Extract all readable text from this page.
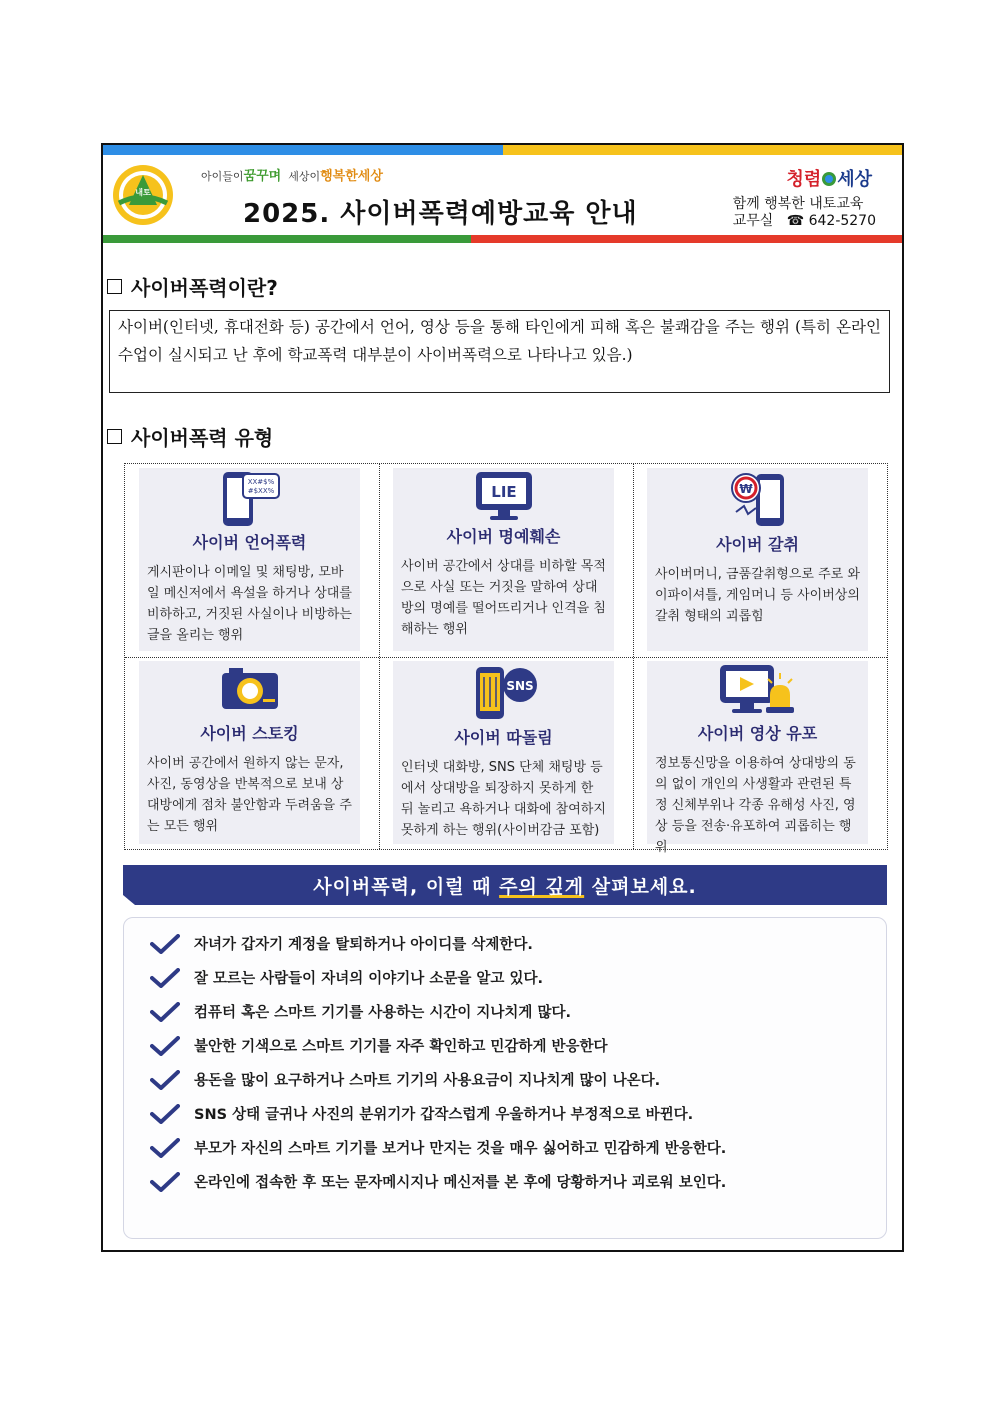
내토
아이들이꿈꾸며 세상이행복한세상
2025. 사이버폭력예방교육 안내
청렴 세상
함께 행복한 내토교육
교무실 ☎ 642-5270
사이버폭력이란?
사이버(인터넷, 휴대전화 등) 공간에서 언어, 영상 등을 통해 타인에게 피해 혹은 불쾌감을 주는 행위 (특히 온라인 수업이 실시되고 난 후에 학교폭력 대부분이 사이버폭력으로 나타나고 있음.)
사이버폭력 유형
XX#$%
#$XX%
사이버 언어폭력
게시판이나 이메일 및 채팅방, 모바일 메신저에서 욕설을 하거나 상대를 비하하고, 거짓된 사실이나 비방하는 글을 올리는 행위
LIE
사이버 명예훼손
사이버 공간에서 상대를 비하할 목적으로 사실 또는 거짓을 말하여 상대방의 명예를 떨어뜨리거나 인격을 침해하는 행위
₩
사이버 갈취
사이버머니, 금품갈취형으로 주로 와이파이셔틀, 게임머니 등 사이버상의 갈취 형태의 괴롭힘
사이버 스토킹
사이버 공간에서 원하지 않는 문자, 사진, 동영상을 반복적으로 보내 상대방에게 점차 불안함과 두려움을 주는 모든 행위
SNS
사이버 따돌림
인터넷 대화방, SNS 단체 채팅방 등에서 상대방을 퇴장하지 못하게 한 뒤 놀리고 욕하거나 대화에 참여하지 못하게 하는 행위(사이버감금 포함)
사이버 영상 유포
정보통신망을 이용하여 상대방의 동의 없이 개인의 사생활과 관련된 특정 신체부위나 각종 유해성 사진, 영상 등을 전송·유포하여 괴롭히는 행위
사이버폭력, 이럴 때 주의 깊게 살펴보세요.
자녀가 갑자기 계정을 탈퇴하거나 아이디를 삭제한다.
잘 모르는 사람들이 자녀의 이야기나 소문을 알고 있다.
컴퓨터 혹은 스마트 기기를 사용하는 시간이 지나치게 많다.
불안한 기색으로 스마트 기기를 자주 확인하고 민감하게 반응한다
용돈을 많이 요구하거나 스마트 기기의 사용요금이 지나치게 많이 나온다.
SNS 상태 글귀나 사진의 분위기가 갑작스럽게 우울하거나 부정적으로 바뀐다.
부모가 자신의 스마트 기기를 보거나 만지는 것을 매우 싫어하고 민감하게 반응한다.
온라인에 접속한 후 또는 문자메시지나 메신저를 본 후에 당황하거나 괴로워 보인다.
